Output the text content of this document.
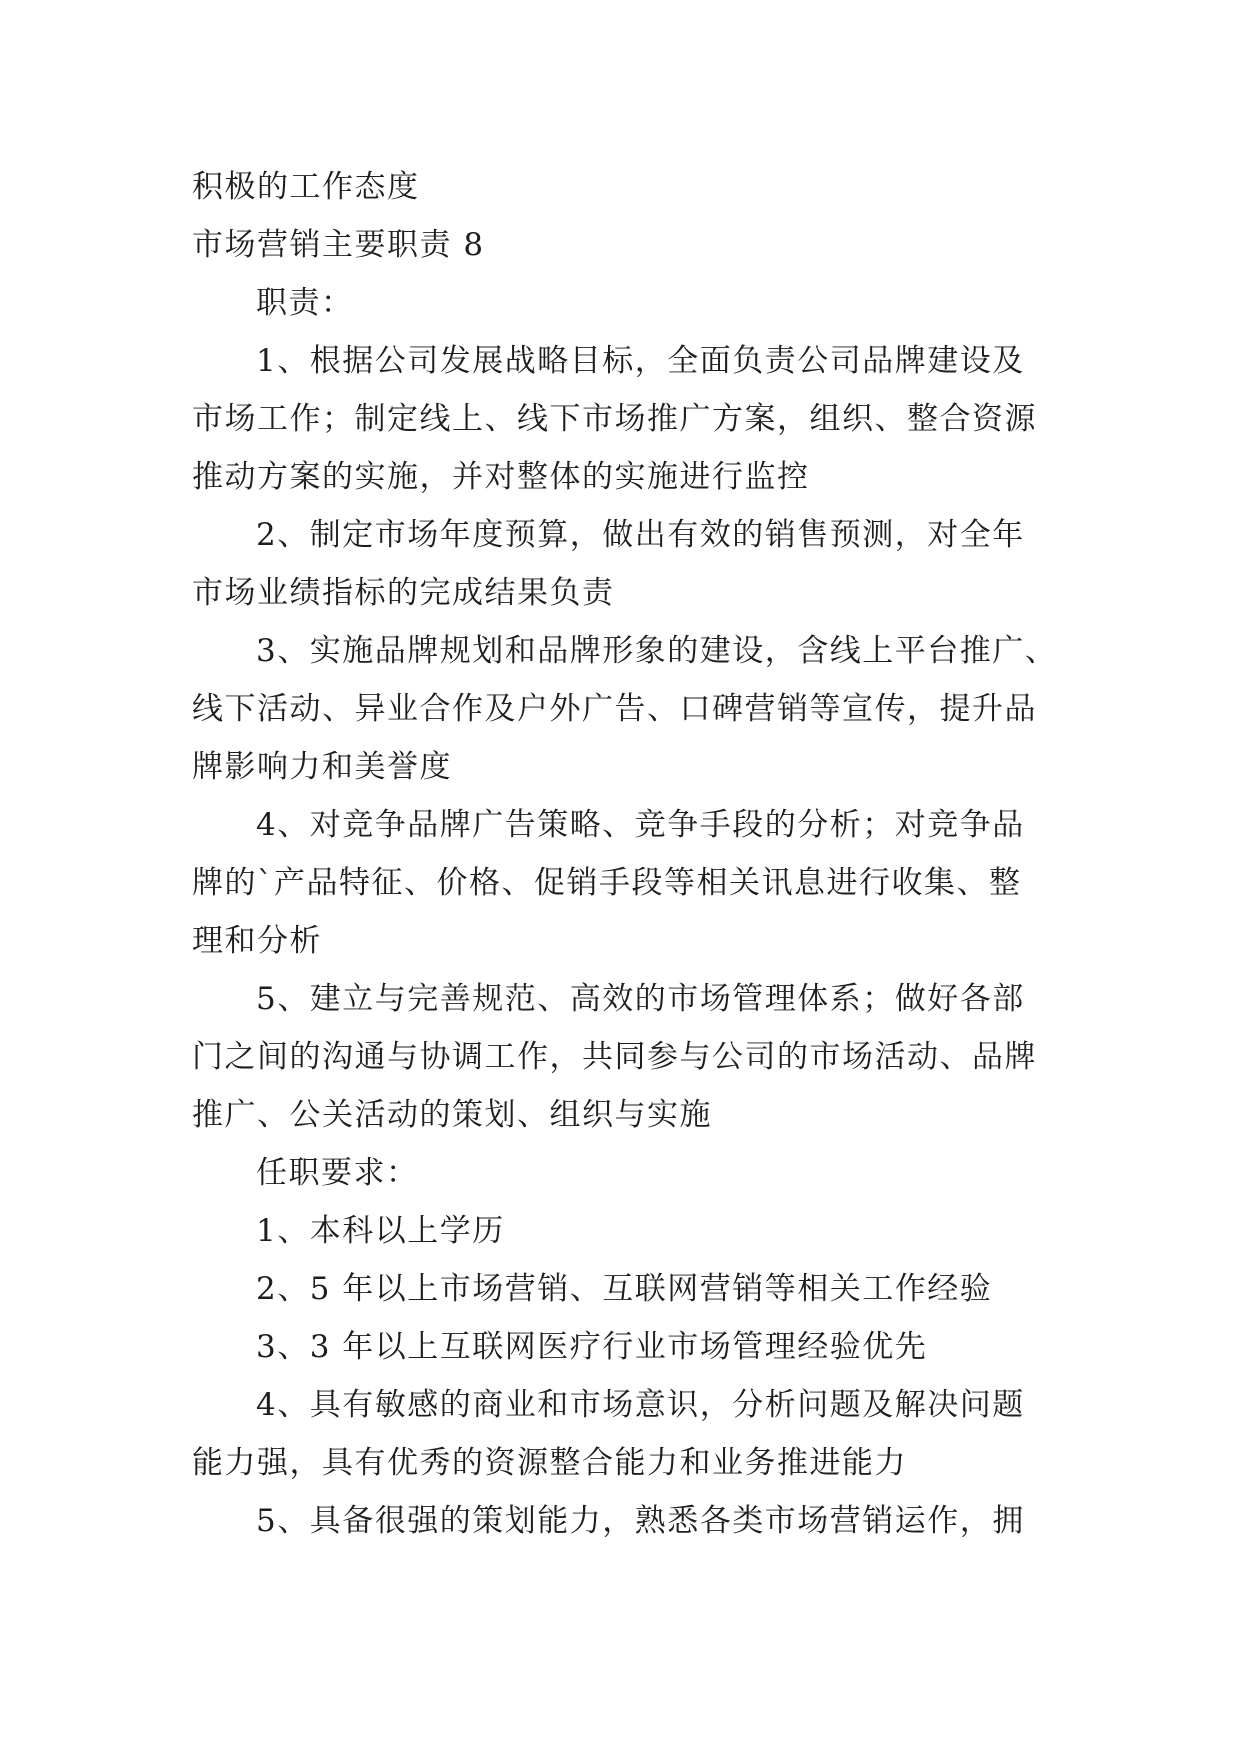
积极的工作态度
市场营销主要职责 8
职责：
1、根据公司发展战略目标，全面负责公司品牌建设及
市场工作；制定线上、线下市场推广方案，组织、整合资源
推动方案的实施，并对整体的实施进行监控
2、制定市场年度预算，做出有效的销售预测，对全年
市场业绩指标的完成结果负责
3、实施品牌规划和品牌形象的建设，含线上平台推广、
线下活动、异业合作及户外广告、口碑营销等宣传，提升品
牌影响力和美誉度
4、对竞争品牌广告策略、竞争手段的分析；对竞争品
牌的`产品特征、价格、促销手段等相关讯息进行收集、整
理和分析
5、建立与完善规范、高效的市场管理体系；做好各部
门之间的沟通与协调工作，共同参与公司的市场活动、品牌
推广、公关活动的策划、组织与实施
任职要求：
1、本科以上学历
2、5 年以上市场营销、互联网营销等相关工作经验
3、3 年以上互联网医疗行业市场管理经验优先
4、具有敏感的商业和市场意识，分析问题及解决问题
能力强，具有优秀的资源整合能力和业务推进能力
5、具备很强的策划能力，熟悉各类市场营销运作，拥
